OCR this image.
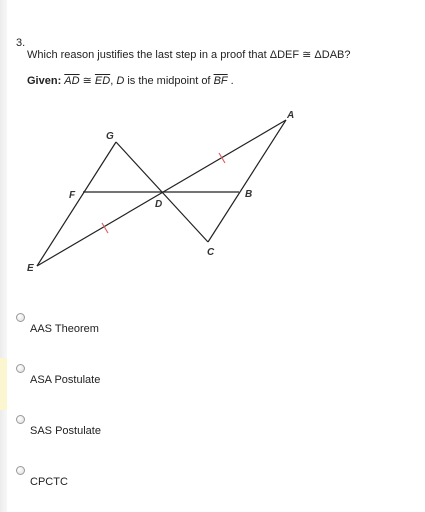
3.
Which reason justifies the last step in a proof that ΔDEF ≅ ΔDAB?
Given: $\overline{AD}$ ≅ $\overline{ED}$, D is the midpoint of $\overline{BF}$ .
A
B
C
D
E
F
G
AAS Theorem
ASA Postulate
SAS Postulate
CPCTC
